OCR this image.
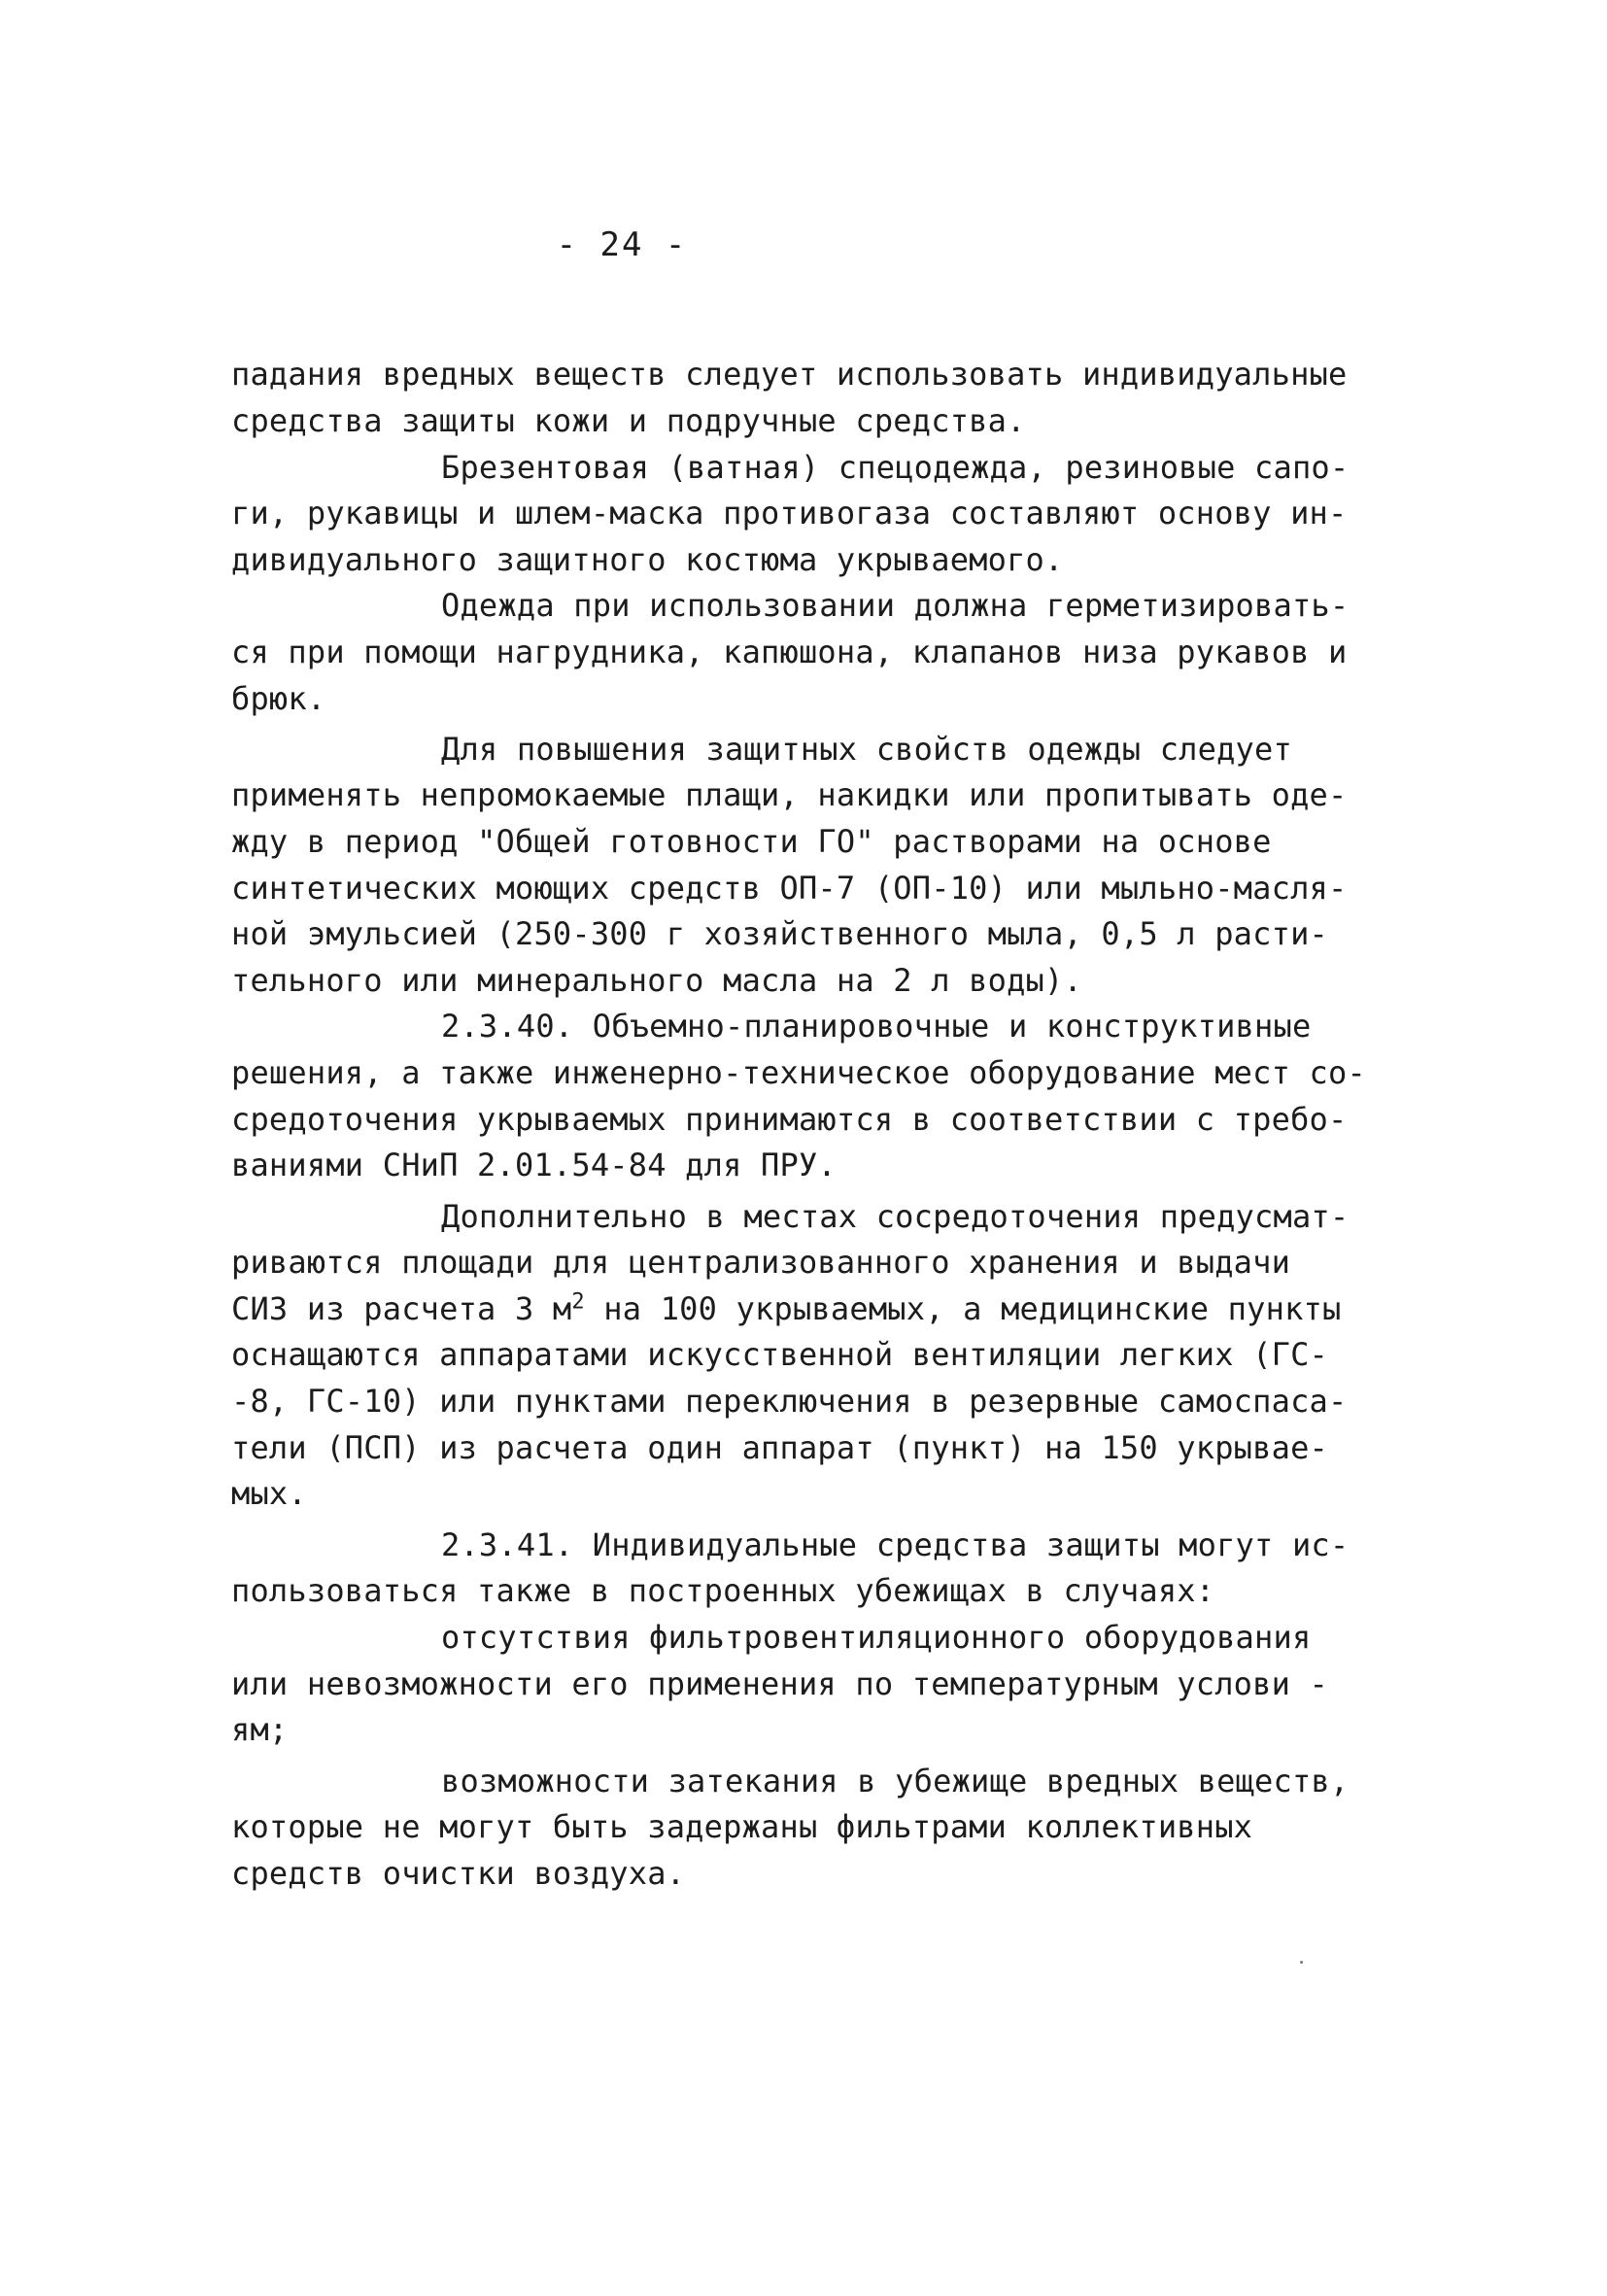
- 24 -
падания вредных веществ следует использовать индивидуальные
средства защиты кожи и подручные средства.
Брезентовая (ватная) спецодежда, резиновые сапо-
ги, рукавицы и шлем-маска противогаза составляют основу ин-
дивидуального защитного костюма укрываемого.
Одежда при использовании должна герметизировать-
ся при помощи нагрудника, капюшона, клапанов низа рукавов и
брюк.
Для повышения защитных свойств одежды следует
применять непромокаемые плащи, накидки или пропитывать оде-
жду в период "Общей готовности ГО" растворами на основе
синтетических моющих средств ОП-7 (ОП-10) или мыльно-масля-
ной эмульсией (250-300 г хозяйственного мыла, 0,5 л расти-
тельного или минерального масла на 2 л воды).
2.3.40. Объемно-планировочные и конструктивные
решения, а также инженерно-техническое оборудование мест со-
средоточения укрываемых принимаются в соответствии с требо-
ваниями СНиП 2.01.54-84 для ПРУ.
Дополнительно в местах сосредоточения предусмат-
риваются площади для централизованного хранения и выдачи
СИЗ из расчета 3 $м^2$ на 100 укрываемых, а медицинские пункты
оснащаются аппаратами искусственной вентиляции легких (ГС-
-8, ГС-10) или пунктами переключения в резервные самоспаса-
тели (ПСП) из расчета один аппарат (пункт) на 150 укрывае-
мых.
2.3.41. Индивидуальные средства защиты могут ис-
пользоваться также в построенных убежищах в случаях:
отсутствия фильтровентиляционного оборудования
или невозможности его применения по температурным услови -
ям;
возможности затекания в убежище вредных веществ,
которые не могут быть задержаны фильтрами коллективных
средств очистки воздуха.
